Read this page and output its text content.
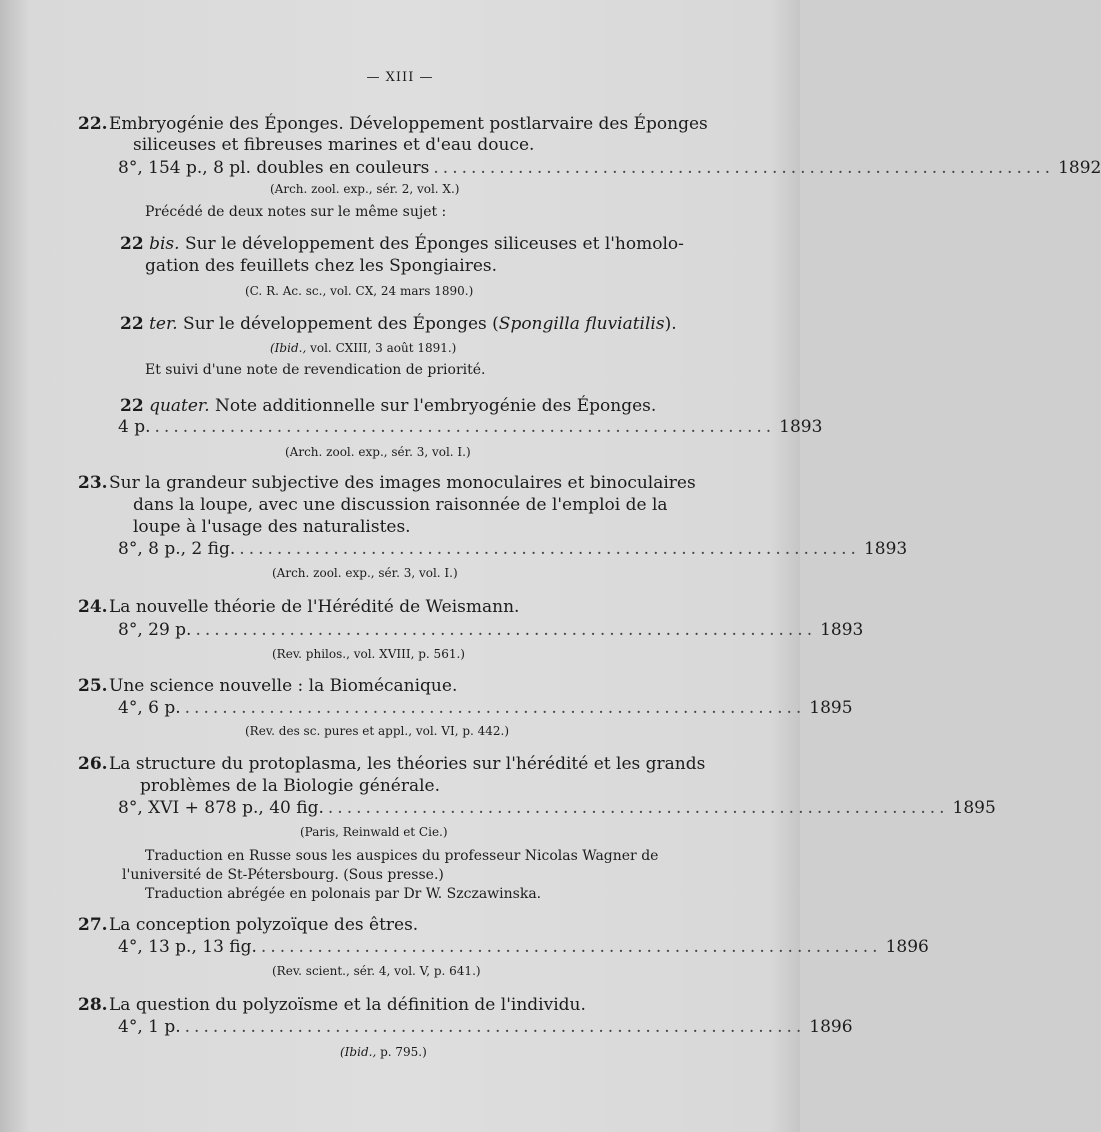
— XIII —
22. Embryogénie des Éponges. Développement postlarvaire des Éponges
siliceuses et fibreuses marines et d'eau douce.
8°, 154 p., 8 pl. doubles en couleurs .................................................................. 1892
(Arch. zool. exp., sér. 2, vol. X.)
Précédé de deux notes sur le même sujet :
22 bis. Sur le développement des Éponges siliceuses et l'homolo-
gation des feuillets chez les Spongiaires.
(C. R. Ac. sc., vol. CX, 24 mars 1890.)
22 ter. Sur le développement des Éponges (Spongilla fluviatilis).
(Ibid., vol. CXIII, 3 août 1891.)
Et suivi d'une note de revendication de priorité.
22 quater. Note additionnelle sur l'embryogénie des Éponges.
4 p. .................................................................. 1893
(Arch. zool. exp., sér. 3, vol. I.)
23. Sur la grandeur subjective des images monoculaires et binoculaires
dans la loupe, avec une discussion raisonnée de l'emploi de la
loupe à l'usage des naturalistes.
8°, 8 p., 2 fig. .................................................................. 1893
(Arch. zool. exp., sér. 3, vol. I.)
24. La nouvelle théorie de l'Hérédité de Weismann.
8°, 29 p. .................................................................. 1893
(Rev. philos., vol. XVIII, p. 561.)
25. Une science nouvelle : la Biomécanique.
4°, 6 p. .................................................................. 1895
(Rev. des sc. pures et appl., vol. VI, p. 442.)
26. La structure du protoplasma, les théories sur l'hérédité et les grands
problèmes de la Biologie générale.
8°, XVI + 878 p., 40 fig. .................................................................. 1895
(Paris, Reinwald et Cie.)
Traduction en Russe sous les auspices du professeur Nicolas Wagner de
l'université de St-Pétersbourg. (Sous presse.)
Traduction abrégée en polonais par Dr W. Szczawinska.
27. La conception polyzoïque des êtres.
4°, 13 p., 13 fig. .................................................................. 1896
(Rev. scient., sér. 4, vol. V, p. 641.)
28. La question du polyzoïsme et la définition de l'individu.
4°, 1 p. .................................................................. 1896
(Ibid., p. 795.)
